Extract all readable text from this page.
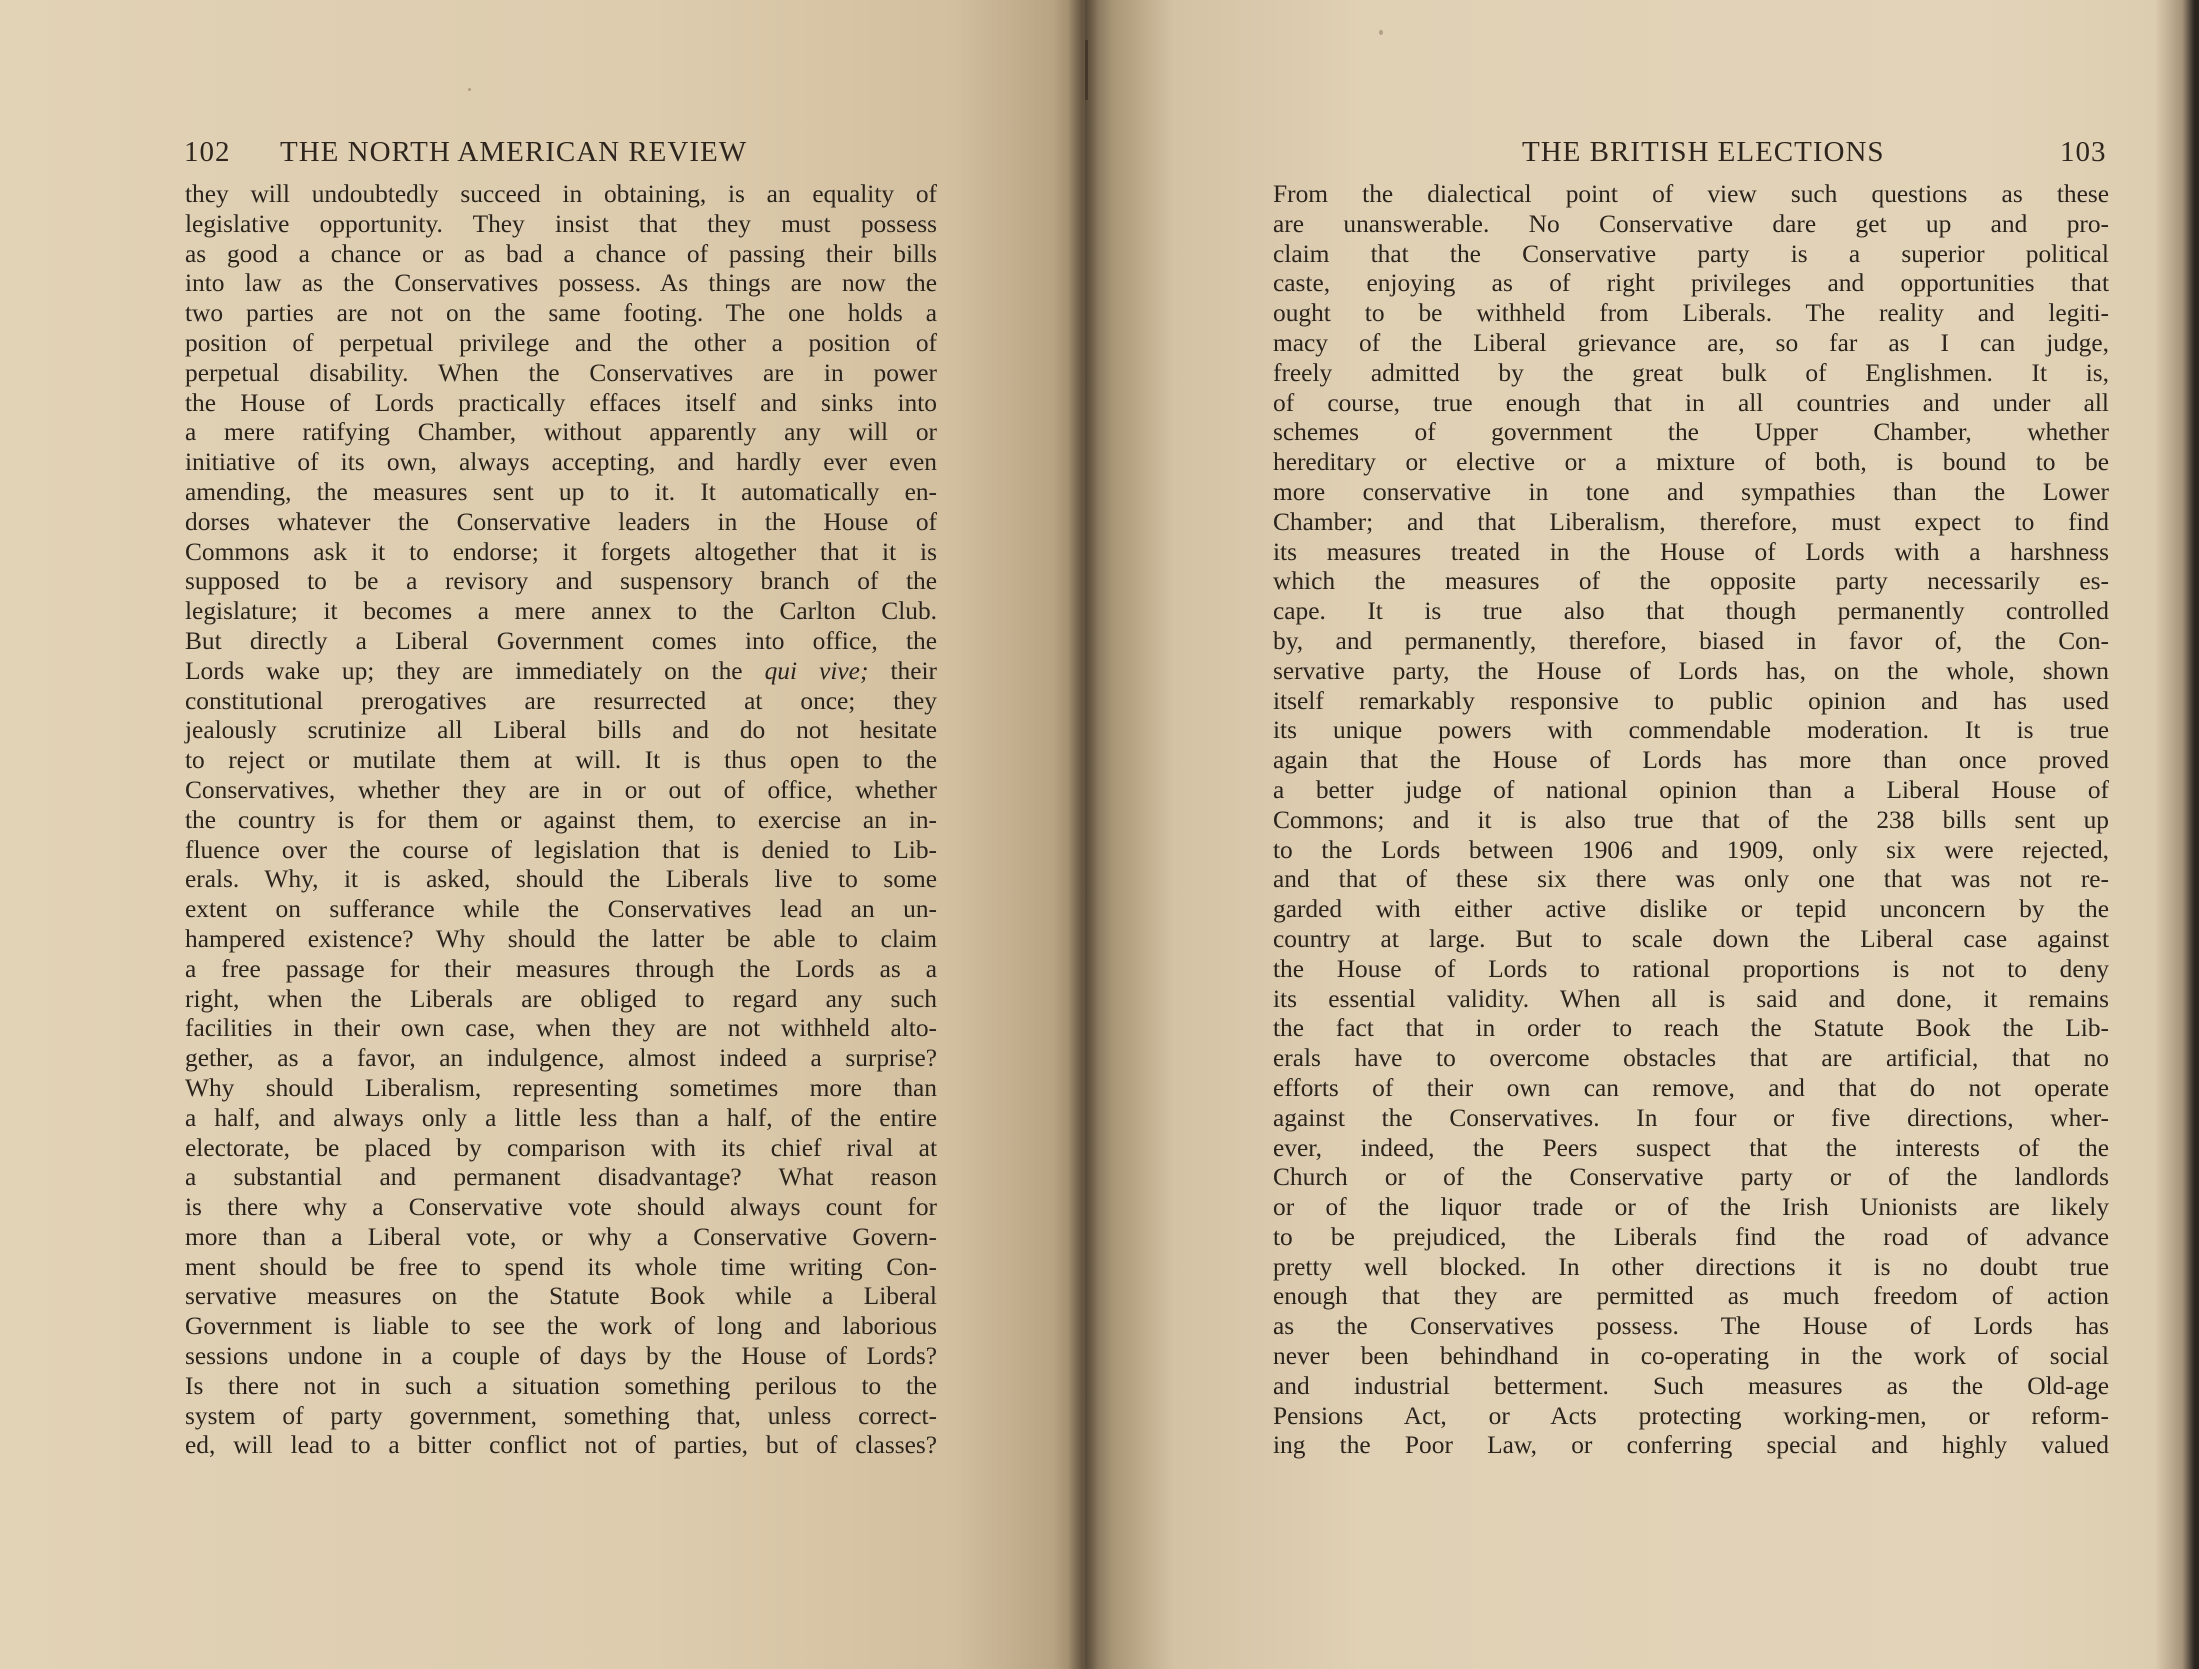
102 THE NORTH AMERICAN REVIEW
they will undoubtedly succeed in obtaining, is an equality of
legislative opportunity. They insist that they must possess
as good a chance or as bad a chance of passing their bills
into law as the Conservatives possess. As things are now the
two parties are not on the same footing. The one holds a
position of perpetual privilege and the other a position of
perpetual disability. When the Conservatives are in power
the House of Lords practically effaces itself and sinks into
a mere ratifying Chamber, without apparently any will or
initiative of its own, always accepting, and hardly ever even
amending, the measures sent up to it. It automatically en-
dorses whatever the Conservative leaders in the House of
Commons ask it to endorse; it forgets altogether that it is
supposed to be a revisory and suspensory branch of the
legislature; it becomes a mere annex to the Carlton Club.
But directly a Liberal Government comes into office, the
Lords wake up; they are immediately on the qui vive; their
constitutional prerogatives are resurrected at once; they
jealously scrutinize all Liberal bills and do not hesitate
to reject or mutilate them at will. It is thus open to the
Conservatives, whether they are in or out of office, whether
the country is for them or against them, to exercise an in-
fluence over the course of legislation that is denied to Lib-
erals. Why, it is asked, should the Liberals live to some
extent on sufferance while the Conservatives lead an un-
hampered existence? Why should the latter be able to claim
a free passage for their measures through the Lords as a
right, when the Liberals are obliged to regard any such
facilities in their own case, when they are not withheld alto-
gether, as a favor, an indulgence, almost indeed a surprise?
Why should Liberalism, representing sometimes more than
a half, and always only a little less than a half, of the entire
electorate, be placed by comparison with its chief rival at
a substantial and permanent disadvantage? What reason
is there why a Conservative vote should always count for
more than a Liberal vote, or why a Conservative Govern-
ment should be free to spend its whole time writing Con-
servative measures on the Statute Book while a Liberal
Government is liable to see the work of long and laborious
sessions undone in a couple of days by the House of Lords?
Is there not in such a situation something perilous to the
system of party government, something that, unless correct-
ed, will lead to a bitter conflict not of parties, but of classes?
THE BRITISH ELECTIONS	103
From the dialectical point of view such questions as these
are unanswerable. No Conservative dare get up and pro-
claim that the Conservative party is a superior political
caste, enjoying as of right privileges and opportunities that
ought to be withheld from Liberals. The reality and legiti-
macy of the Liberal grievance are, so far as I can judge,
freely admitted by the great bulk of Englishmen. It is,
of course, true enough that in all countries and under all
schemes of government the Upper Chamber, whether
hereditary or elective or a mixture of both, is bound to be
more conservative in tone and sympathies than the Lower
Chamber; and that Liberalism, therefore, must expect to find
its measures treated in the House of Lords with a harshness
which the measures of the opposite party necessarily es-
cape. It is true also that though permanently controlled
by, and permanently, therefore, biased in favor of, the Con-
servative party, the House of Lords has, on the whole, shown
itself remarkably responsive to public opinion and has used
its unique powers with commendable moderation. It is true
again that the House of Lords has more than once proved
a better judge of national opinion than a Liberal House of
Commons; and it is also true that of the 238 bills sent up
to the Lords between 1906 and 1909, only six were rejected,
and that of these six there was only one that was not re-
garded with either active dislike or tepid unconcern by the
country at large. But to scale down the Liberal case against
the House of Lords to rational proportions is not to deny
its essential validity. When all is said and done, it remains
the fact that in order to reach the Statute Book the Lib-
erals have to overcome obstacles that are artificial, that no
efforts of their own can remove, and that do not operate
against the Conservatives. In four or five directions, wher-
ever, indeed, the Peers suspect that the interests of the
Church or of the Conservative party or of the landlords
or of the liquor trade or of the Irish Unionists are likely
to be prejudiced, the Liberals find the road of advance
pretty well blocked. In other directions it is no doubt true
enough that they are permitted as much freedom of action
as the Conservatives possess. The House of Lords has
never been behindhand in co-operating in the work of social
and industrial betterment. Such measures as the Old-age
Pensions Act, or Acts protecting working-men, or reform-
ing the Poor Law, or conferring special and highly valued
